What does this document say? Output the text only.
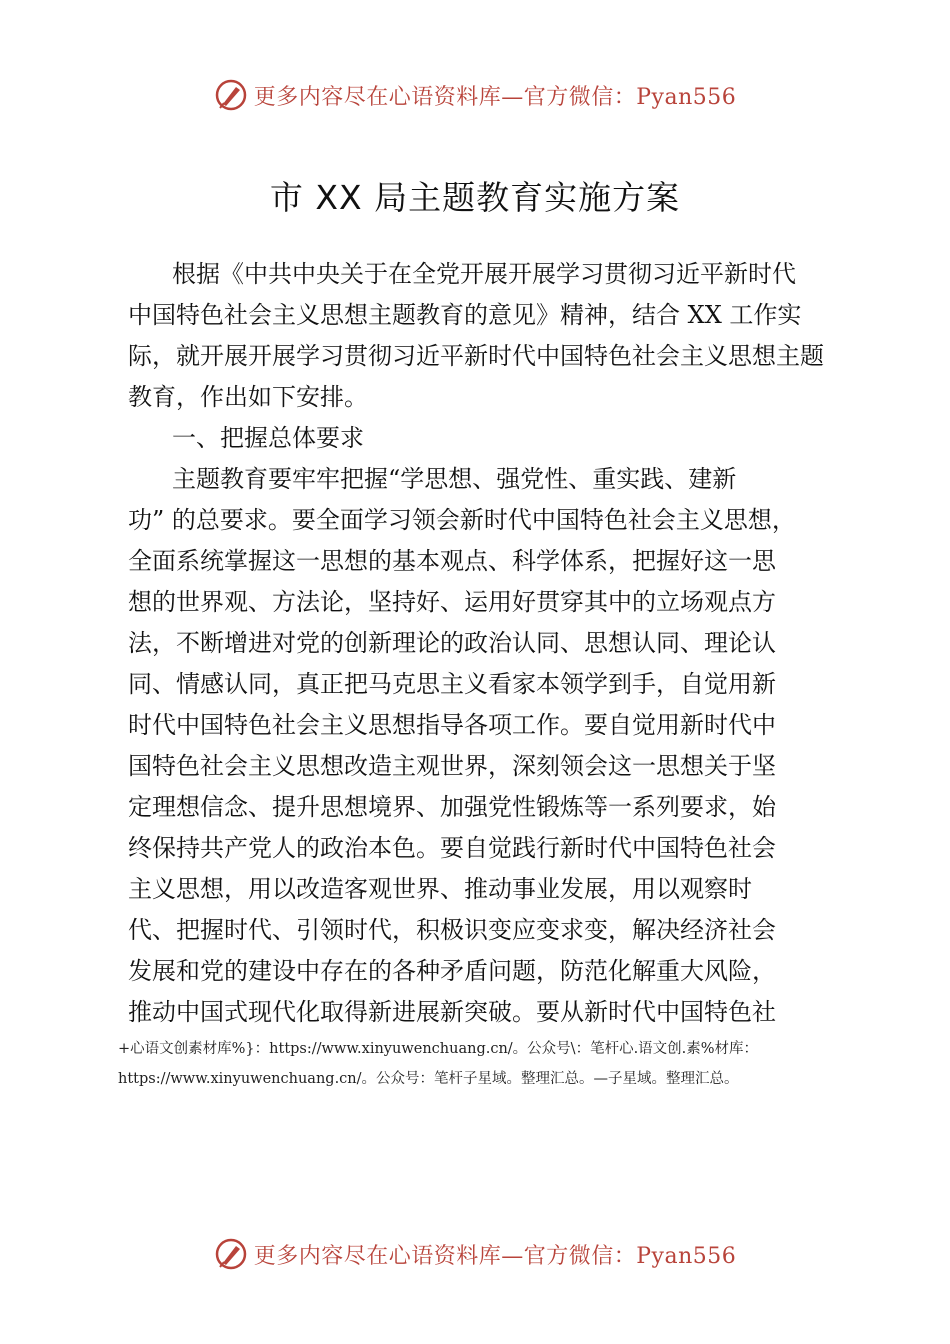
更多内容尽在心语资料库—官方微信：Pyan556
市 XX 局主题教育实施方案
根据《中共中央关于在全党开展开展学习贯彻习近平新时代
中国特色社会主义思想主题教育的意见》精神，结合 XX 工作实
际，就开展开展学习贯彻习近平新时代中国特色社会主义思想主题
教育，作出如下安排。
一、把握总体要求
主题教育要牢牢把握“学思想、强党性、重实践、建新
功” 的总要求。要全面学习领会新时代中国特色社会主义思想，
全面系统掌握这一思想的基本观点、科学体系，把握好这一思
想的世界观、方法论，坚持好、运用好贯穿其中的立场观点方
法，不断增进对党的创新理论的政治认同、思想认同、理论认
同、情感认同，真正把马克思主义看家本领学到手，自觉用新
时代中国特色社会主义思想指导各项工作。要自觉用新时代中
国特色社会主义思想改造主观世界，深刻领会这一思想关于坚
定理想信念、提升思想境界、加强党性锻炼等一系列要求，始
终保持共产党人的政治本色。要自觉践行新时代中国特色社会
主义思想，用以改造客观世界、推动事业发展，用以观察时
代、把握时代、引领时代，积极识变应变求变，解决经济社会
发展和党的建设中存在的各种矛盾问题，防范化解重大风险，
推动中国式现代化取得新进展新突破。要从新时代中国特色社
+心语文创素材库%}：https://www.xinyuwenchuang.cn/。公众号\：笔杆心.语文创.素%材库：
https://www.xinyuwenchuang.cn/。公众号：笔杆子星域。整理汇总。—子星域。整理汇总。
更多内容尽在心语资料库—官方微信：Pyan556
